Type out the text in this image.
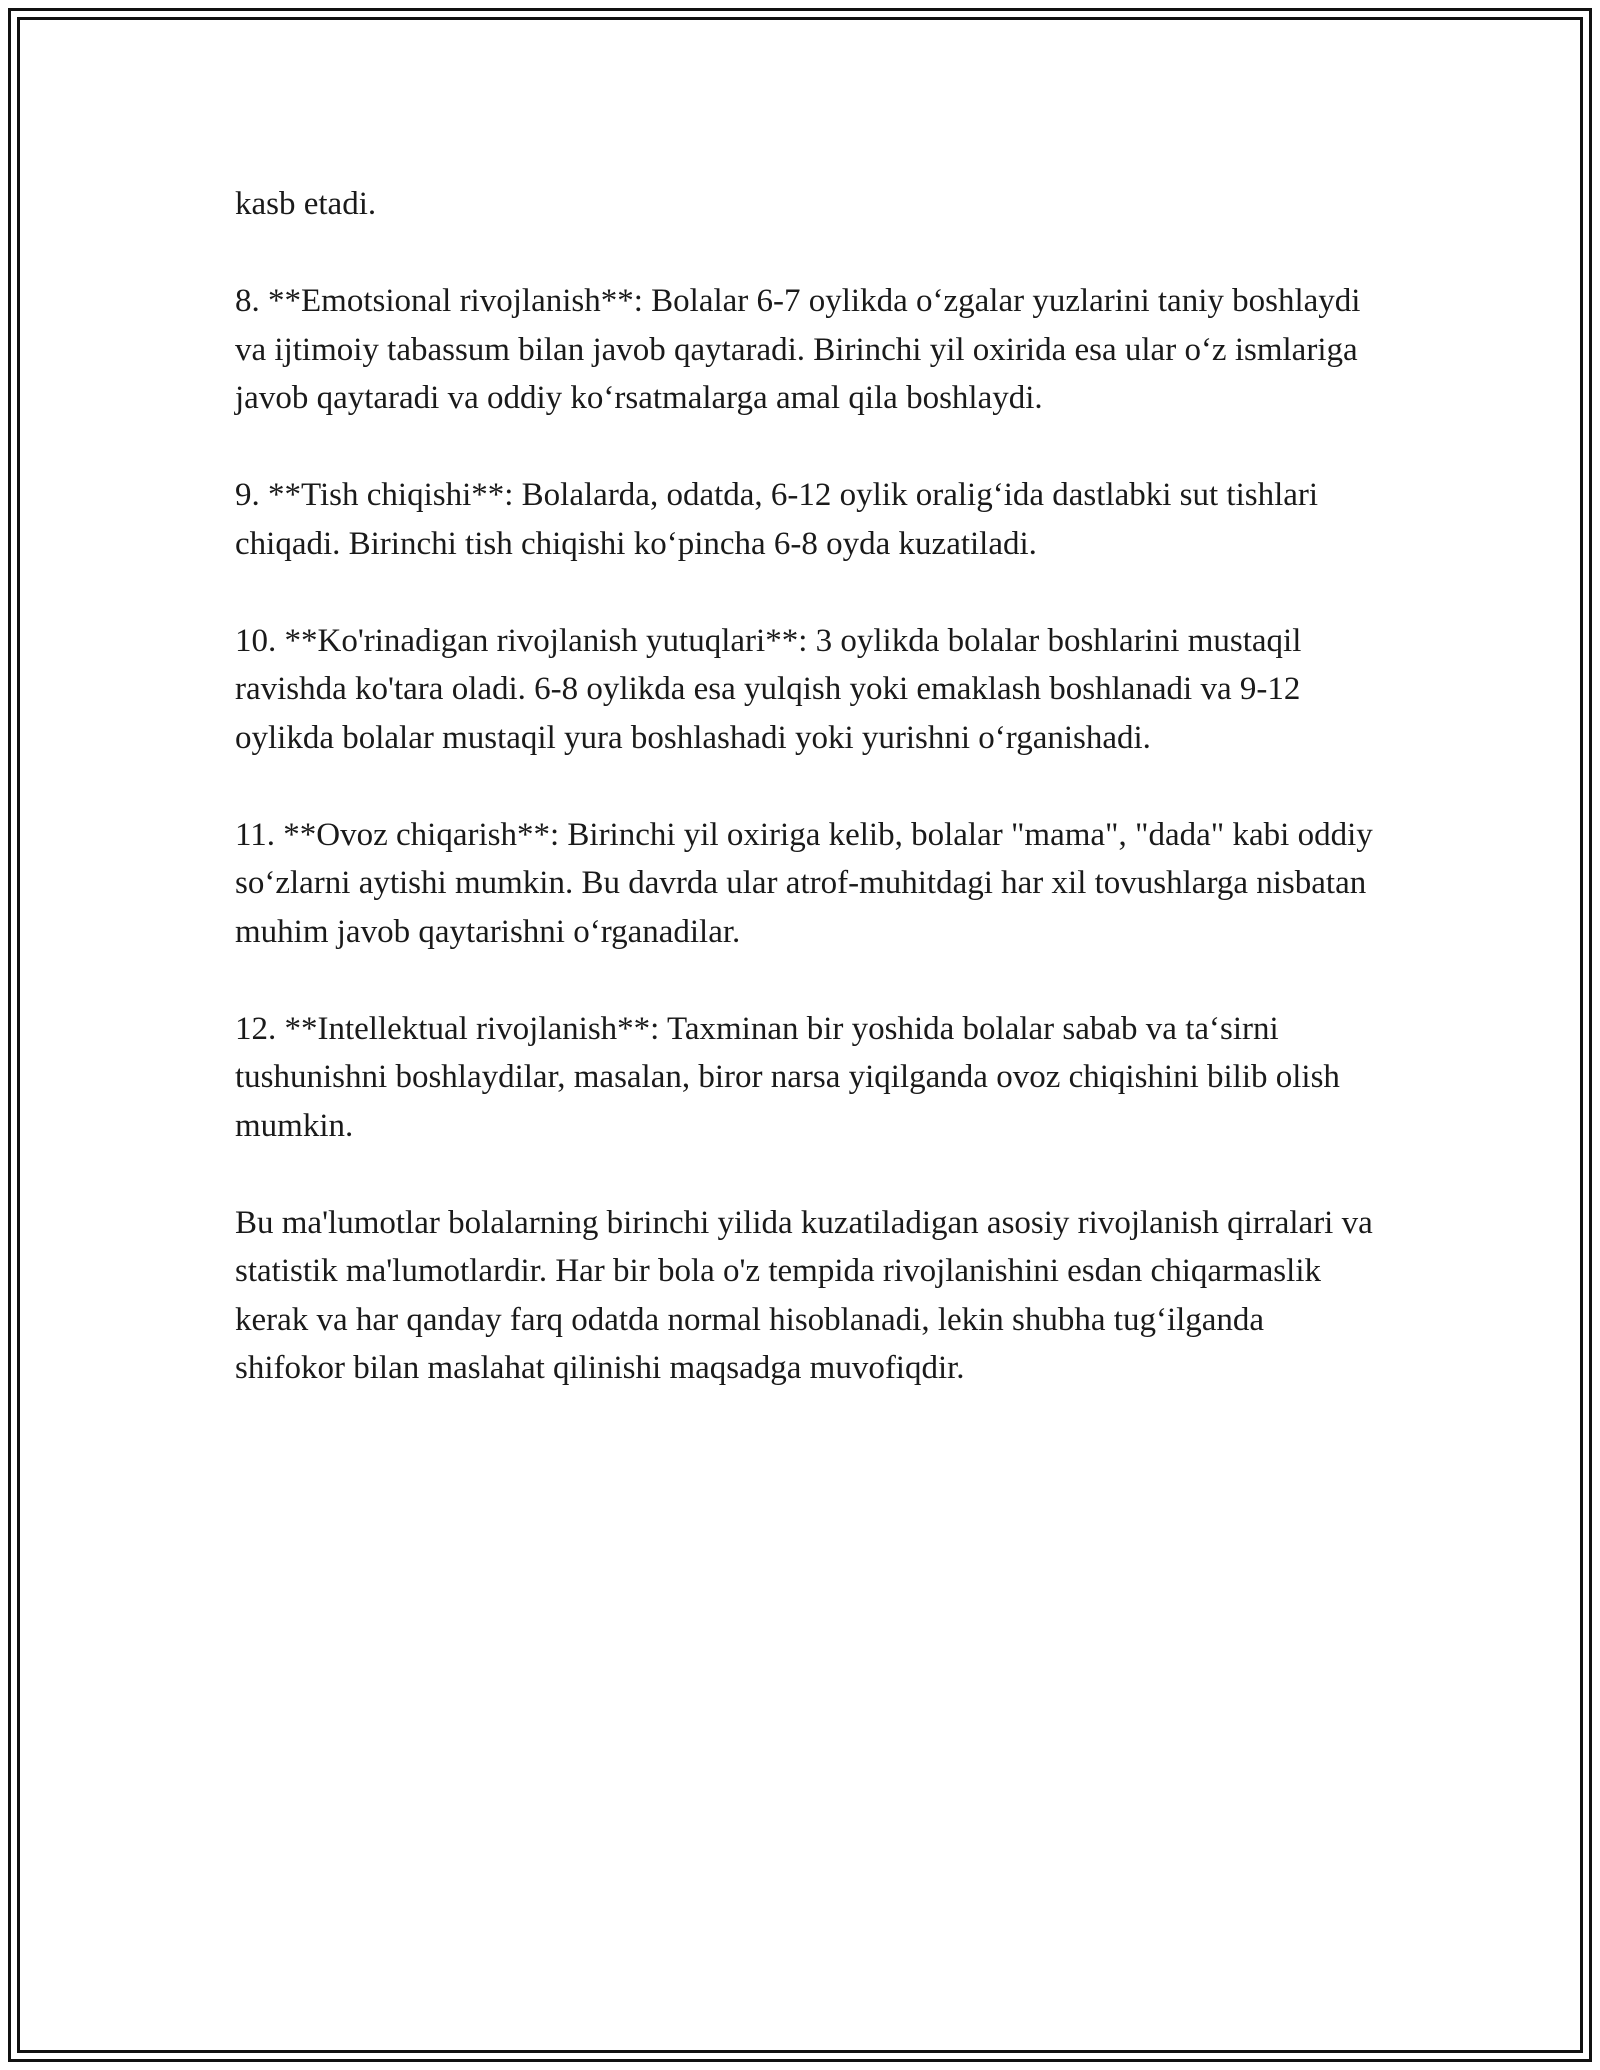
kasb etadi.

8. **Emotsional rivojlanish**: Bolalar 6-7 oylikda o‘zgalar yuzlarini taniy boshlaydi va ijtimoiy tabassum bilan javob qaytaradi. Birinchi yil oxirida esa ular o‘z ismlariga javob qaytaradi va oddiy ko‘rsatmalarga amal qila boshlaydi.

9. **Tish chiqishi**: Bolalarda, odatda, 6-12 oylik oralig‘ida dastlabki sut tishlari chiqadi. Birinchi tish chiqishi ko‘pincha 6-8 oyda kuzatiladi.

10. **Ko'rinadigan rivojlanish yutuqlari**: 3 oylikda bolalar boshlarini mustaqil ravishda ko'tara oladi. 6-8 oylikda esa yulqish yoki emaklash boshlanadi va 9-12 oylikda bolalar mustaqil yura boshlashadi yoki yurishni o‘rganishadi.

11. **Ovoz chiqarish**: Birinchi yil oxiriga kelib, bolalar "mama", "dada" kabi oddiy so‘zlarni aytishi mumkin. Bu davrda ular atrof-muhitdagi har xil tovushlarga nisbatan muhim javob qaytarishni o‘rganadilar.

12. **Intellektual rivojlanish**: Taxminan bir yoshida bolalar sabab va ta‘sirni tushunishni boshlaydilar, masalan, biror narsa yiqilganda ovoz chiqishini bilib olish mumkin.

Bu ma'lumotlar bolalarning birinchi yilida kuzatiladigan asosiy rivojlanish qirralari va statistik ma'lumotlardir. Har bir bola o'z tempida rivojlanishini esdan chiqarmaslik kerak va har qanday farq odatda normal hisoblanadi, lekin shubha tug‘ilganda shifokor bilan maslahat qilinishi maqsadga muvofiqdir.
